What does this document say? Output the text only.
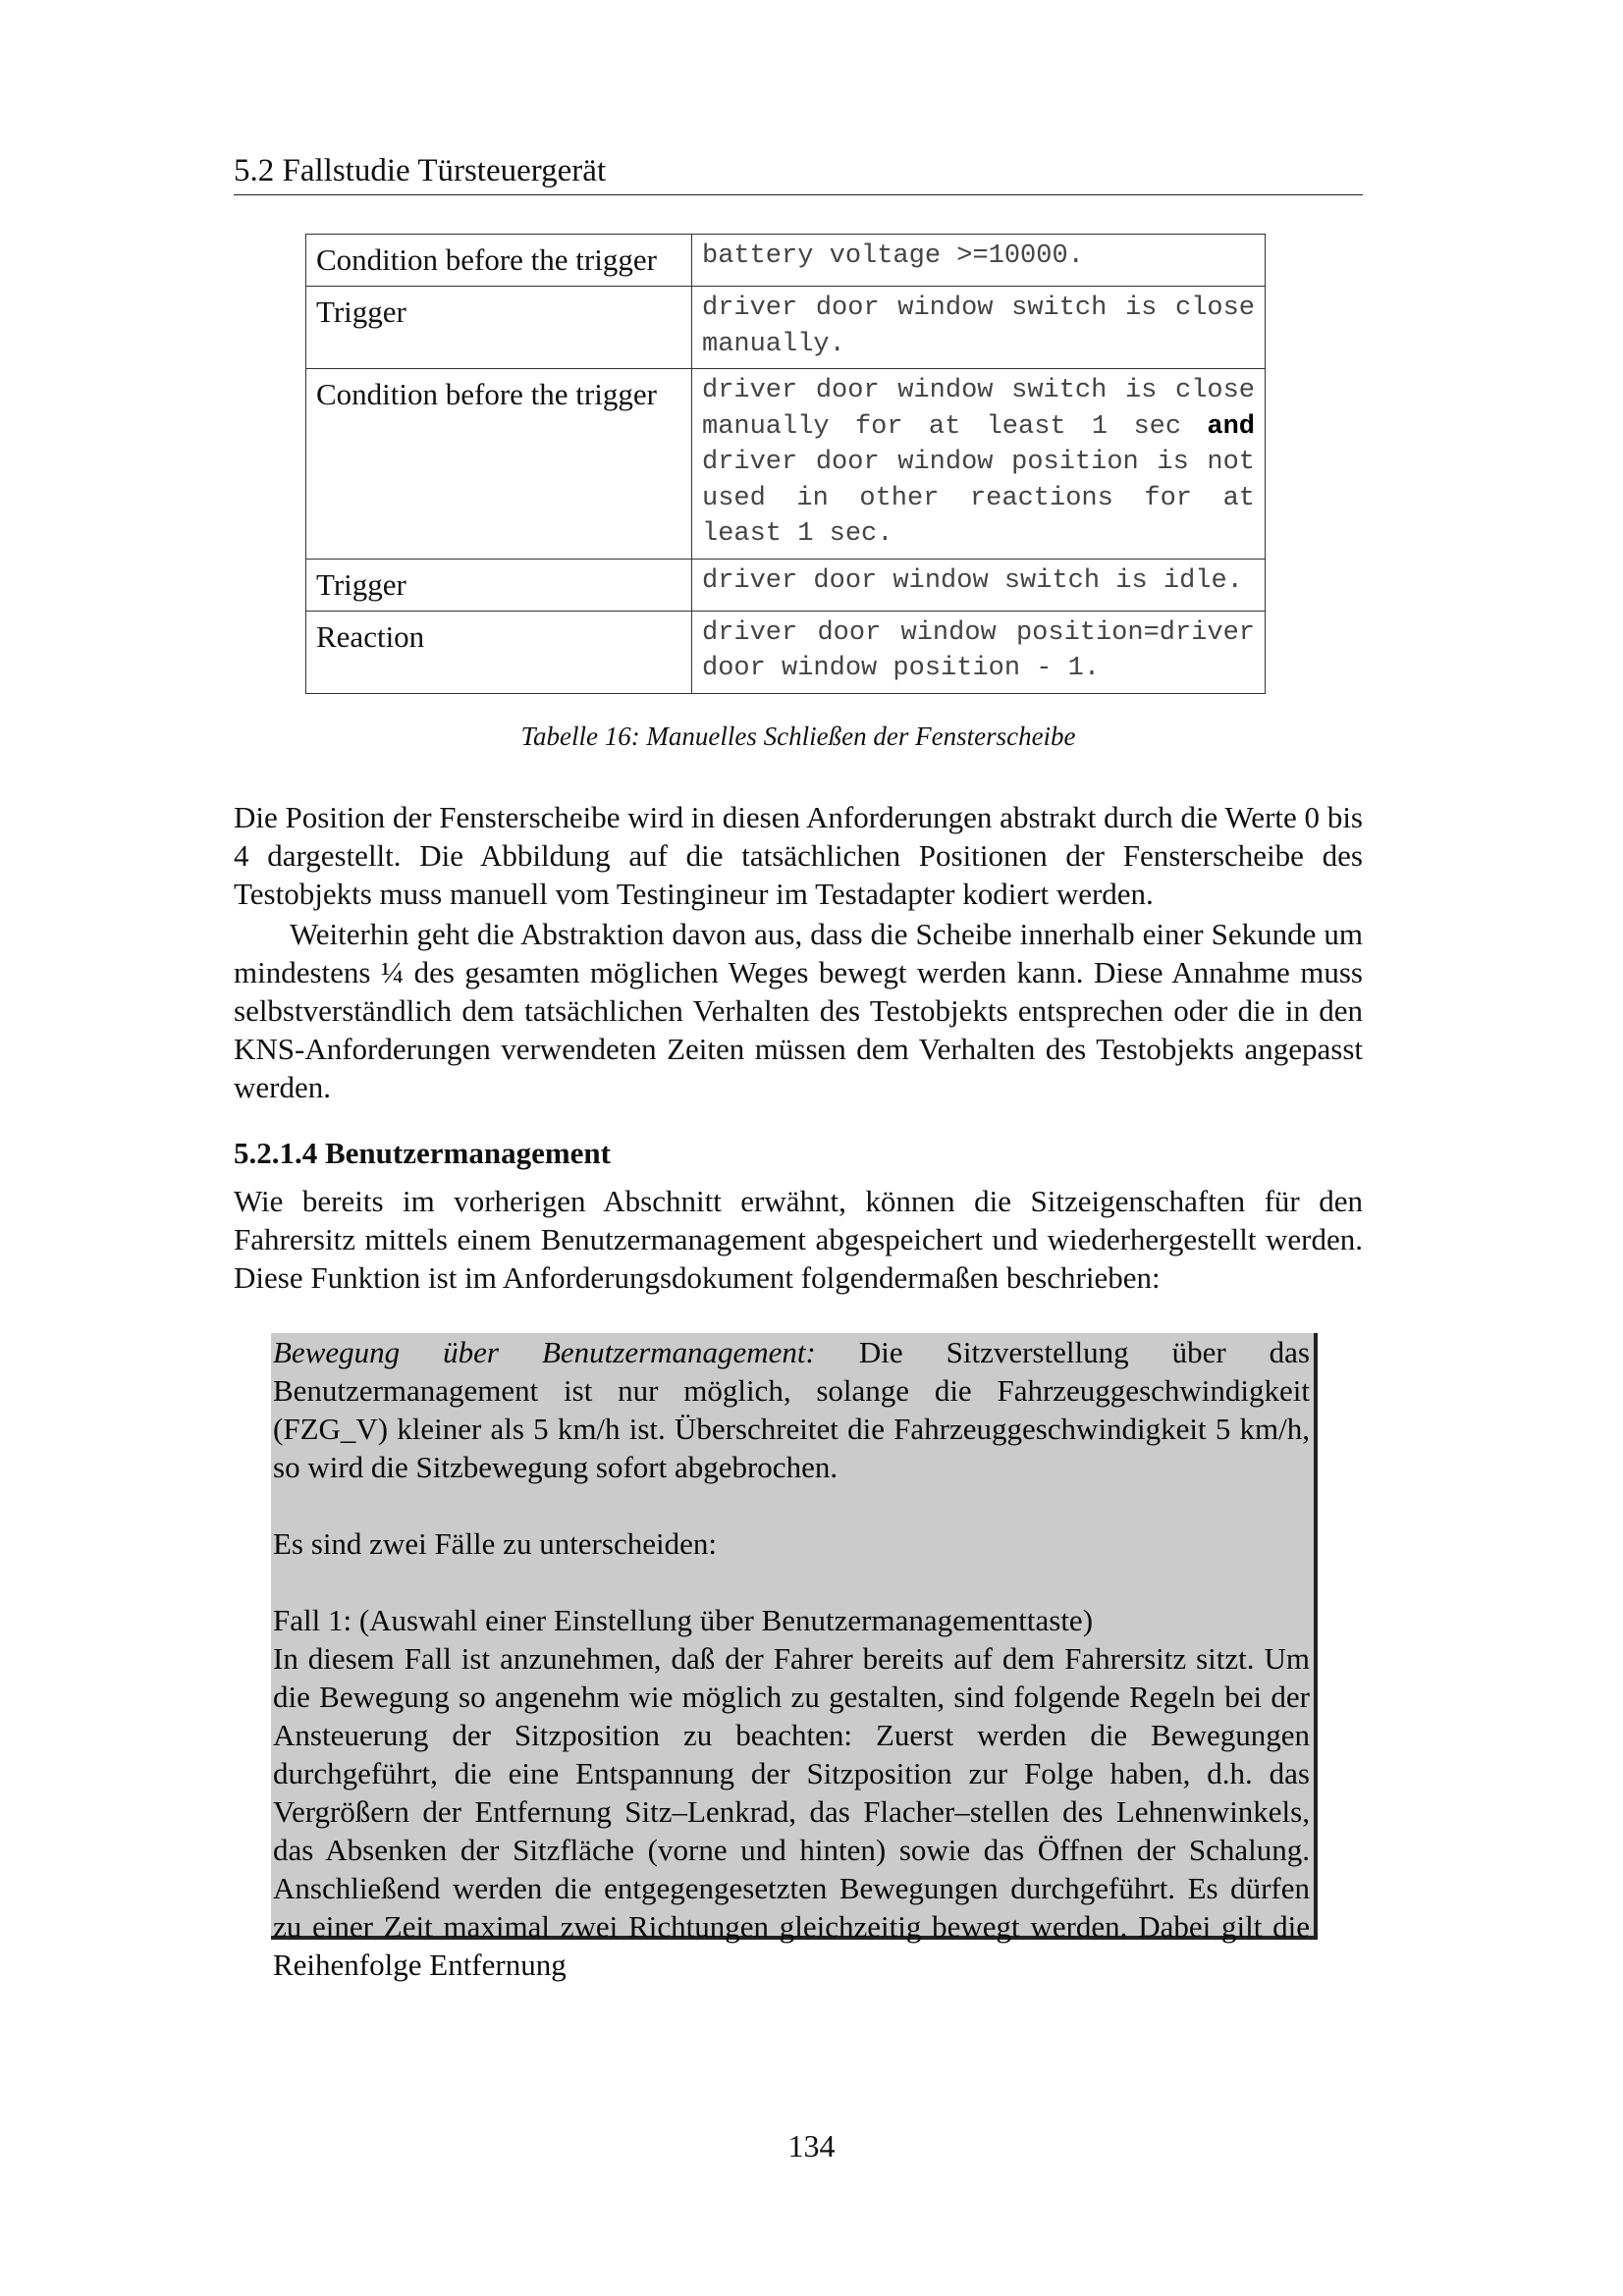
5.2 Fallstudie Türsteuergerät
Condition before the trigger	battery voltage >=10000.
Trigger	driver door window switch is close manually.
Condition before the trigger	driver door window switch is close manually for at least 1 sec and driver door window position is not used in other reactions for at least 1 sec.
Trigger	driver door window switch is idle.
Reaction	driver door window position=driver door window position - 1.
Tabelle 16: Manuelles Schließen der Fensterscheibe

Die Position der Fensterscheibe wird in diesen Anforderungen abstrakt durch die Werte 0 bis 4 dargestellt. Die Abbildung auf die tatsächlichen Positionen der Fensterscheibe des Testobjekts muss manuell vom Testingineur im Testadapter kodiert werden.

Weiterhin geht die Abstraktion davon aus, dass die Scheibe innerhalb einer Sekunde um mindestens ¼ des gesamten möglichen Weges bewegt werden kann. Diese Annahme muss selbstverständlich dem tatsächlichen Verhalten des Testobjekts entsprechen oder die in den KNS-Anforderungen verwendeten Zeiten müssen dem Verhalten des Testobjekts angepasst werden.

5.2.1.4 Benutzermanagement

Wie bereits im vorherigen Abschnitt erwähnt, können die Sitzeigenschaften für den Fahrersitz mittels einem Benutzermanagement abgespeichert und wiederhergestellt werden. Diese Funktion ist im Anforderungsdokument folgendermaßen beschrieben:

Bewegung über Benutzermanagement: Die Sitzverstellung über das Benutzermanagement ist nur möglich, solange die Fahrzeuggeschwindigkeit (FZG_V) kleiner als 5 km/h ist. Überschreitet die Fahrzeuggeschwindigkeit 5 km/h, so wird die Sitzbewegung sofort abgebrochen.

Es sind zwei Fälle zu unterscheiden:

Fall 1: (Auswahl einer Einstellung über Benutzermanagementtaste)

In diesem Fall ist anzunehmen, daß der Fahrer bereits auf dem Fahrersitz sitzt. Um die Bewegung so angenehm wie möglich zu gestalten, sind folgende Regeln bei der Ansteuerung der Sitzposition zu beachten: Zuerst werden die Bewegungen durchgeführt, die eine Entspannung der Sitzposition zur Folge haben, d.h. das Vergrößern der Entfernung Sitz–Lenkrad, das Flacher–stellen des Lehnenwinkels, das Absenken der Sitzfläche (vorne und hinten) sowie das Öffnen der Schalung. Anschließend werden die entgegengesetzten Bewegungen durchgeführt. Es dürfen zu einer Zeit maximal zwei Richtungen gleichzeitig bewegt werden. Dabei gilt die Reihenfolge Entfernung

134
